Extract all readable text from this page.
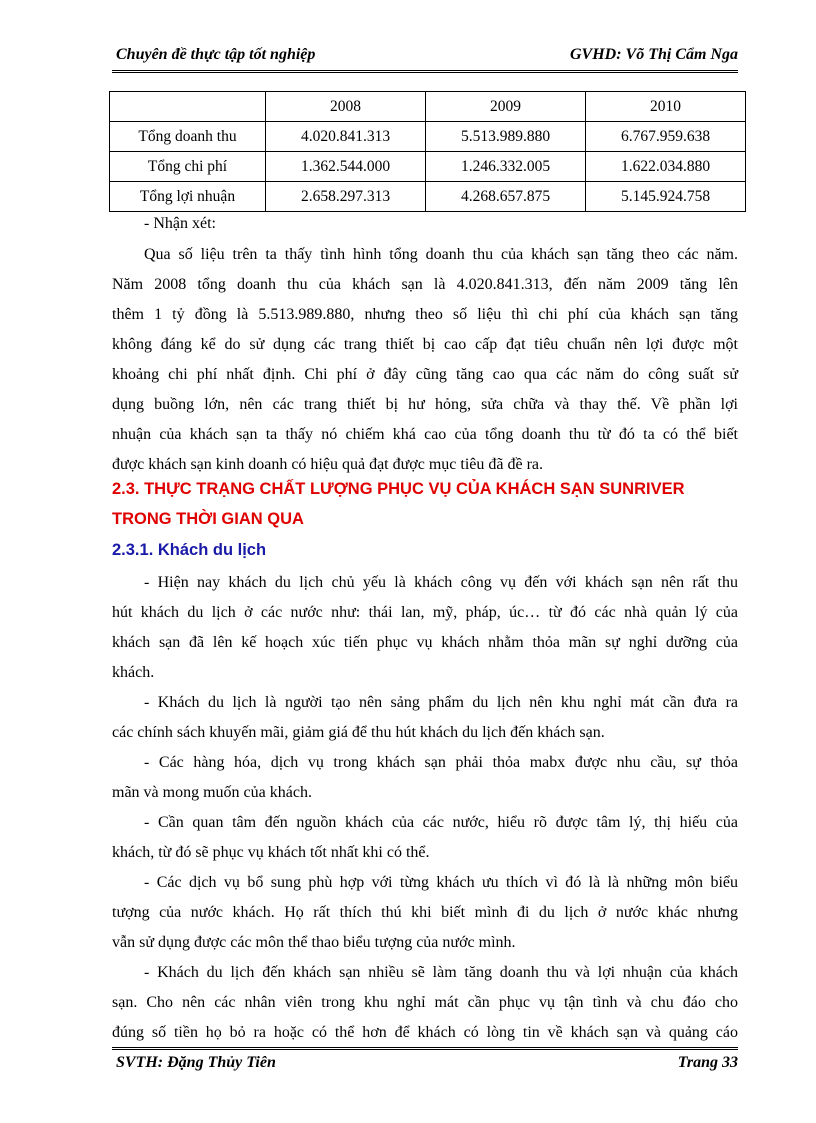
Chuyên đề thực tập tốt nghiệp	GVHD: Võ Thị Cẩm Nga
	2008	2009	2010
Tổng doanh thu	4.020.841.313	5.513.989.880	6.767.959.638
Tổng chi phí	1.362.544.000	1.246.332.005	1.622.034.880
Tổng lợi nhuận	2.658.297.313	4.268.657.875	5.145.924.758
- Nhận xét:
Qua số liệu trên ta thấy tình hình tổng doanh thu của khách sạn tăng theo các năm.
Năm 2008 tổng doanh thu của khách sạn là 4.020.841.313, đến năm 2009 tăng lên
thêm 1 tỷ đồng là 5.513.989.880, nhưng theo số liệu thì chi phí của khách sạn tăng
không đáng kể do sử dụng các trang thiết bị cao cấp đạt tiêu chuẩn nên lợi được một
khoảng chi phí nhất định. Chi phí ở đây cũng tăng cao qua các năm do công suất sử
dụng buồng lớn, nên các trang thiết bị hư hỏng, sửa chữa và thay thế. Về phần lợi
nhuận của khách sạn ta thấy nó chiếm khá cao của tổng doanh thu từ đó ta có thể biết
được khách sạn kinh doanh có hiệu quả đạt được mục tiêu đã đề ra.
2.3. THỰC TRẠNG CHẤT LƯỢNG PHỤC VỤ CỦA KHÁCH SẠN SUNRIVER
TRONG THỜI GIAN QUA
2.3.1. Khách du lịch
- Hiện nay khách du lịch chủ yếu là khách công vụ đến với khách sạn nên rất thu
hút khách du lịch ở các nước như: thái lan, mỹ, pháp, úc… từ đó các nhà quản lý của
khách sạn đã lên kế hoạch xúc tiến phục vụ khách nhằm thỏa mãn sự nghỉ dưỡng của
khách.
- Khách du lịch là người tạo nên sảng phẩm du lịch nên khu nghỉ mát cần đưa ra
các chính sách khuyến mãi, giảm giá để thu hút khách du lịch đến khách sạn.
- Các hàng hóa, dịch vụ trong khách sạn phải thỏa mabx được nhu cầu, sự thỏa
mãn và mong muốn của khách.
- Cần quan tâm đến nguồn khách của các nước, hiểu rõ được tâm lý, thị hiếu của
khách, từ đó sẽ phục vụ khách tốt nhất khi có thể.
- Các dịch vụ bổ sung phù hợp với từng khách ưu thích vì đó là là những môn biểu
tượng của nước khách. Họ rất thích thú khi biết mình đi du lịch ở nước khác nhưng
vẫn sử dụng được các môn thể thao biểu tượng của nước mình.
- Khách du lịch đến khách sạn nhiều sẽ làm tăng doanh thu và lợi nhuận của khách
sạn. Cho nên các nhân viên trong khu nghỉ mát cần phục vụ tận tình và chu đáo cho
đúng số tiền họ bỏ ra hoặc có thể hơn để khách có lòng tin về khách sạn và quảng cáo
SVTH: Đặng Thủy Tiên	Trang 33
